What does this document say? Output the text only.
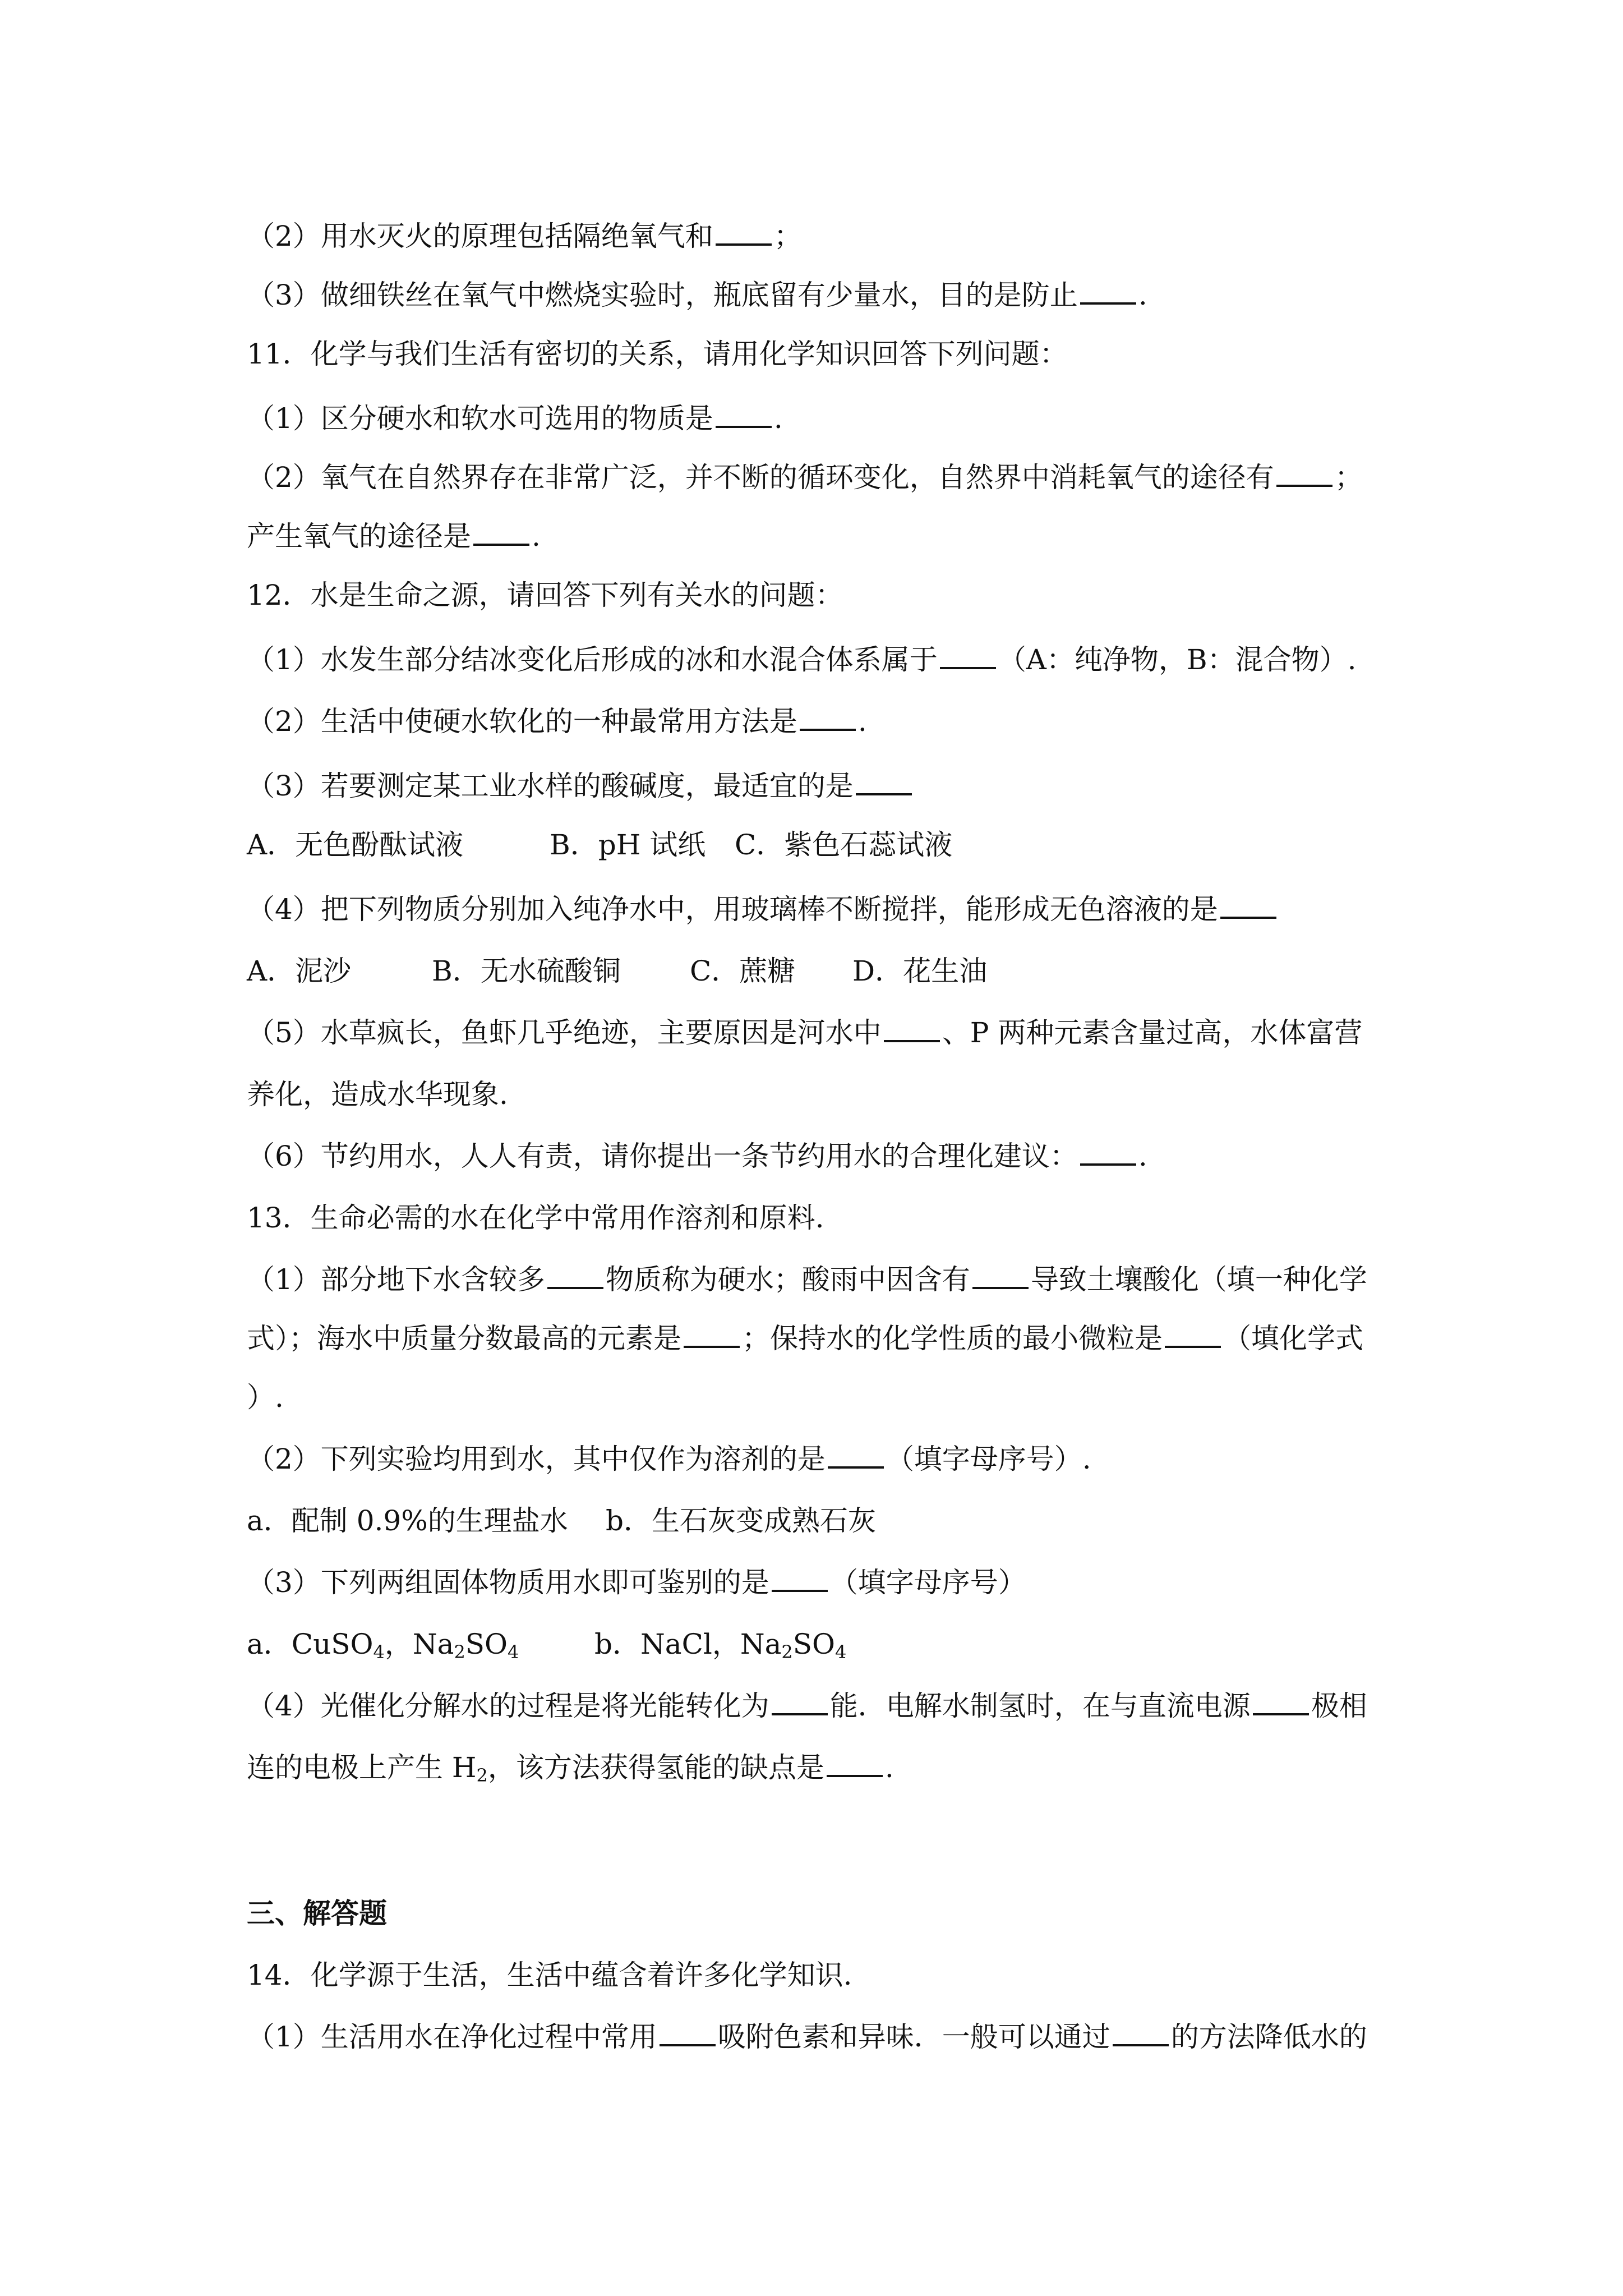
（2）用水灭火的原理包括隔绝氧气和 ；
（3）做细铁丝在氧气中燃烧实验时，瓶底留有少量水，目的是防止 .
11．化学与我们生活有密切的关系，请用化学知识回答下列问题：
（1）区分硬水和软水可选用的物质是 .
（2）氧气在自然界存在非常广泛，并不断的循环变化，自然界中消耗氧气的途径有 ；
产生氧气的途径是 .
12．水是生命之源，请回答下列有关水的问题：
（1）水发生部分结冰变化后形成的冰和水混合体系属于 （A：纯净物，B：混合物）.
（2）生活中使硬水软化的一种最常用方法是 .
（3）若要测定某工业水样的酸碱度，最适宜的是
A．无色酚酞试液	B．pH 试纸 C．紫色石蕊试液
（4）把下列物质分别加入纯净水中，用玻璃棒不断搅拌，能形成无色溶液的是
A．泥沙	B．无水硫酸铜 C．蔗糖 D．花生油
（5）水草疯长，鱼虾几乎绝迹，主要原因是河水中 、P 两种元素含量过高，水体富营
养化，造成水华现象.
（6）节约用水，人人有责，请你提出一条节约用水的合理化建议： .
13．生命必需的水在化学中常用作溶剂和原料.
（1）部分地下水含较多 物质称为硬水；酸雨中因含有 导致土壤酸化（填一种化学
式）；海水中质量分数最高的元素是 ；保持水的化学性质的最小微粒是 （填化学式
）.
（2）下列实验均用到水，其中仅作为溶剂的是 （填字母序号）.
a．配制 0.9%的生理盐水 b．生石灰变成熟石灰
（3）下列两组固体物质用水即可鉴别的是 （填字母序号）
a．CuSO$_4$，$Na_2SO_4$	b．NaCl，$Na_2SO_4$
（4）光催化分解水的过程是将光能转化为 能．电解水制氢时，在与直流电源 极相
连的电极上产生 $H_2$，该方法获得氢能的缺点是 .
三、解答题
14．化学源于生活，生活中蕴含着许多化学知识.
（1）生活用水在净化过程中常用 吸附色素和异味．一般可以通过 的方法降低水的
